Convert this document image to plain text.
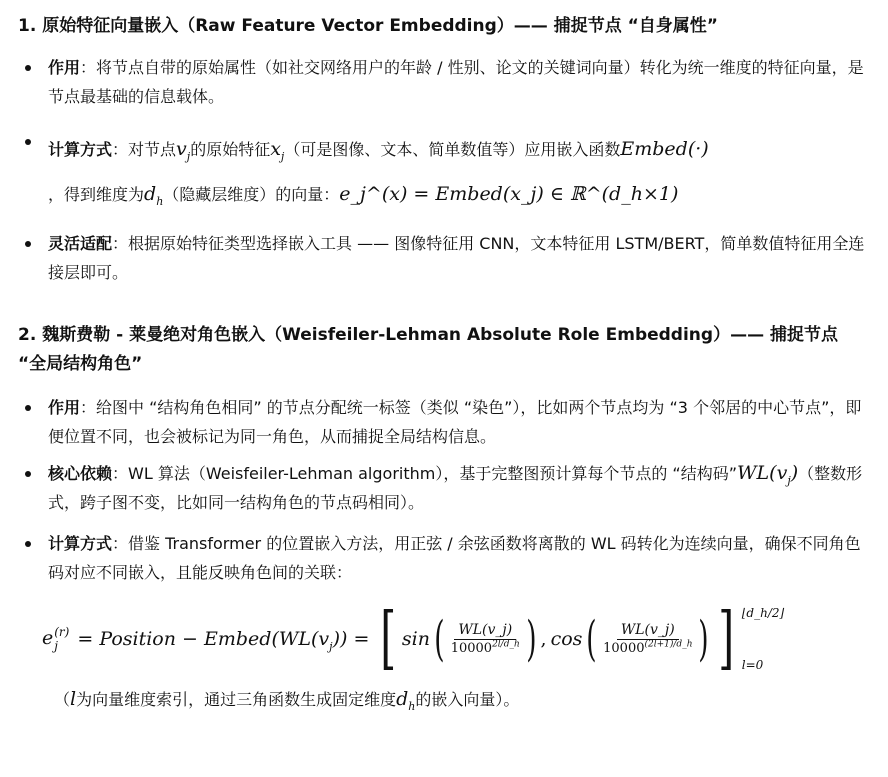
1. 原始特征向量嵌入（Raw Feature Vector Embedding）—— 捕捉节点 “自身属性”
作用：将节点自带的原始属性（如社交网络用户的年龄 / 性别、论文的关键词向量）转化为统一维度的特征向量，是节点最基础的信息载体。
计算方式：对节点$v_j$的原始特征$x_j$（可是图像、文本、简单数值等）应用嵌入函数Embed(·)
，得到维度为$d_h$（隐藏层维度）的向量：e_j^(x) = Embed(x_j) ∈ ℝ^(d_h×1)
灵活适配：根据原始特征类型选择嵌入工具 —— 图像特征用 CNN，文本特征用 LSTM/BERT，简单数值特征用全连接层即可。
2. 魏斯费勒 - 莱曼绝对角色嵌入（Weisfeiler-Lehman Absolute Role Embedding）—— 捕捉节点 “全局结构角色”
作用：给图中 “结构角色相同” 的节点分配统一标签（类似 “染色”），比如两个节点均为 “3 个邻居的中心节点”，即便位置不同，也会被标记为同一角色，从而捕捉全局结构信息。
核心依赖：WL 算法（Weisfeiler-Lehman algorithm），基于完整图预计算每个节点的 “结构码$”WL(v_j)$（整数形式，跨子图不变，比如同一结构角色的节点码相同）。
计算方式：借鉴 Transformer 的位置嵌入方法，用正弦 / 余弦函数将离散的 WL 码转化为连续向量，确保不同角色码对应不同嵌入，且能反映角色间的关联：
e (r)
j	= Position − $Embed(WL(v_j))$ = [ sin ( $\frac{WL(v\_j)}{10000^{2l/d\_h}}$ ) , cos ( $\frac{WL(v\_j)}{10000^{(2l+1)/d\_h}}$ ) ] ⌊d_h/2⌋
l=0
（l为向量维度索引，通过三角函数生成固定维度$d_h$的嵌入向量）。
